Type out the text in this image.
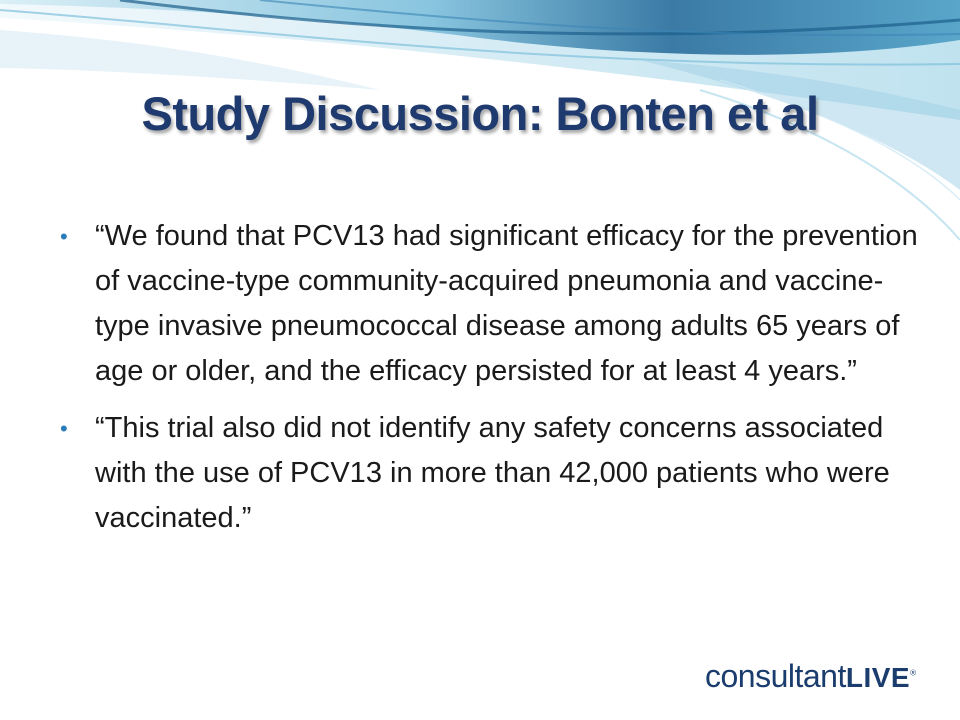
Study Discussion: Bonten et al
• “We found that PCV13 had significant efficacy for the prevention of vaccine-type community-acquired pneumonia and vaccine-type invasive pneumococcal disease among adults 65 years of age or older, and the efficacy persisted for at least 4 years.”
• “This trial also did not identify any safety concerns associated with the use of PCV13 in more than 42,000 patients who were vaccinated.”
consultantLIVE®
